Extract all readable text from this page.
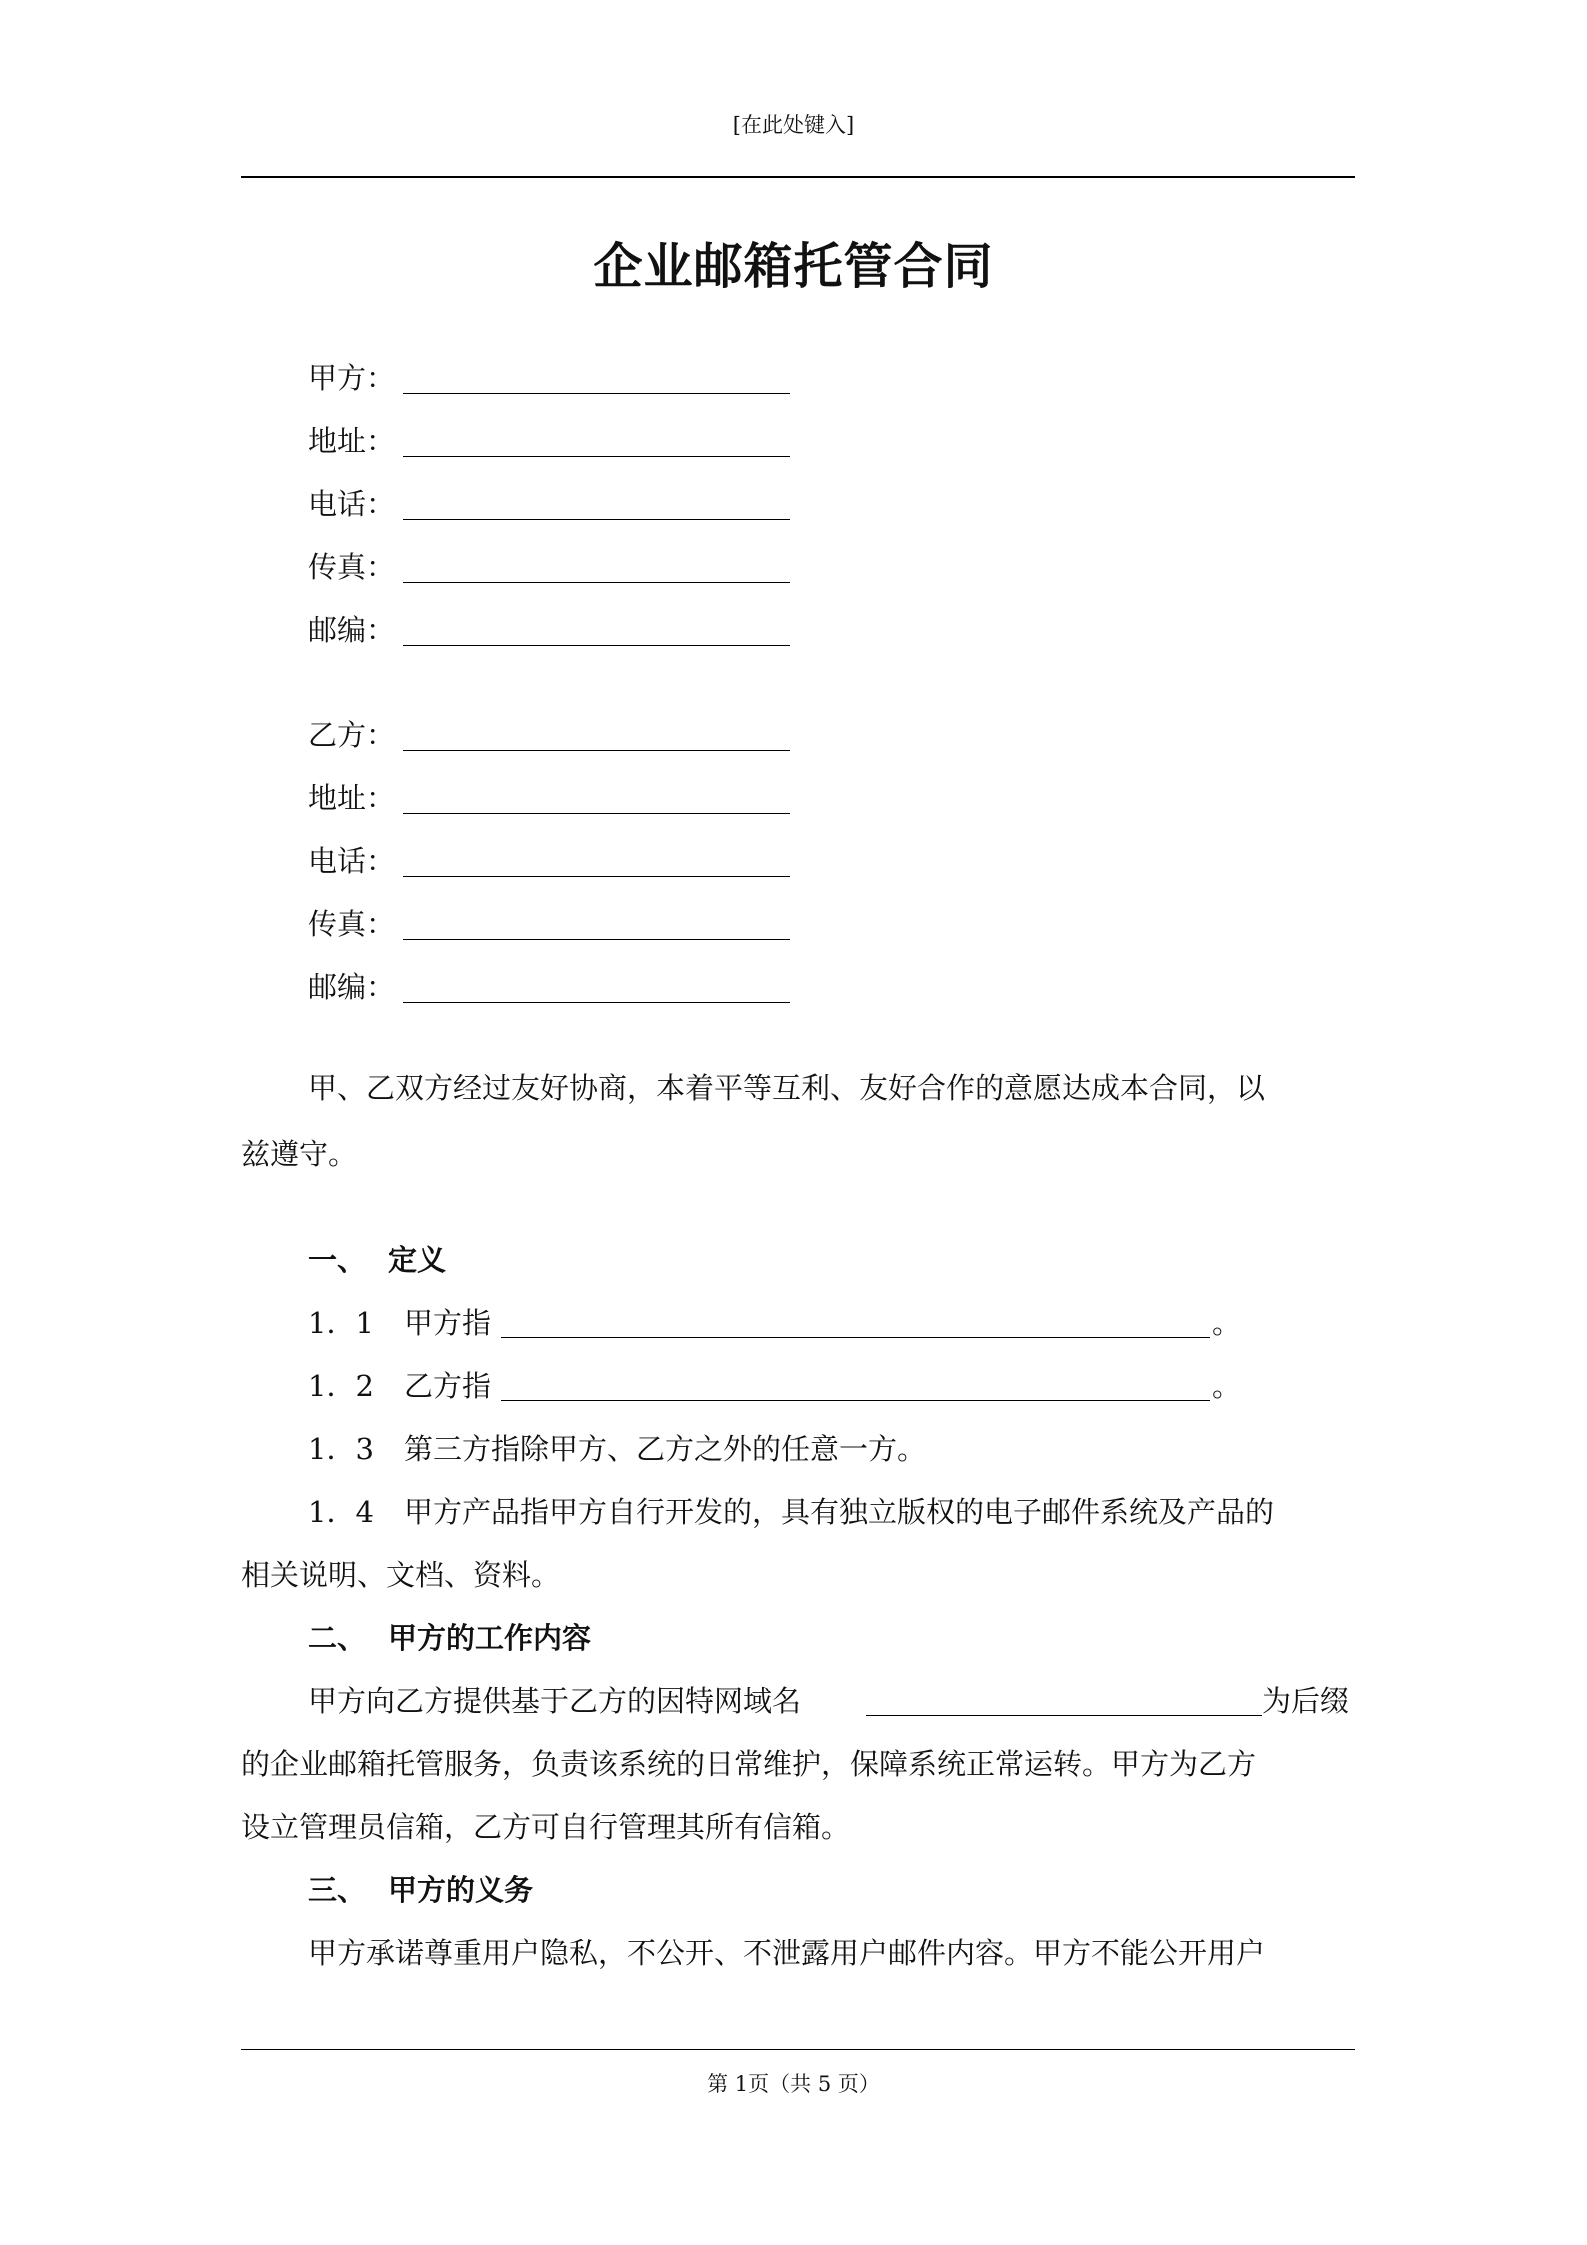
[在此处键入]
企业邮箱托管合同
甲方：
地址：
电话：
传真：
邮编：
乙方：
地址：
电话：
传真：
邮编：
甲、乙双方经过友好协商，本着平等互利、友好合作的意愿达成本合同，以
兹遵守。
一、 定义
1．1 甲方指	。
1．2 乙方指	。
1．3 第三方指除甲方、乙方之外的任意一方。
1．4 甲方产品指甲方自行开发的，具有独立版权的电子邮件系统及产品的
相关说明、文档、资料。
二、 甲方的工作内容
甲方向乙方提供基于乙方的因特网域名	为后缀
的企业邮箱托管服务，负责该系统的日常维护，保障系统正常运转。甲方为乙方
设立管理员信箱，乙方可自行管理其所有信箱。
三、 甲方的义务
甲方承诺尊重用户隐私，不公开、不泄露用户邮件内容。甲方不能公开用户
第 1页（共 5 页）
